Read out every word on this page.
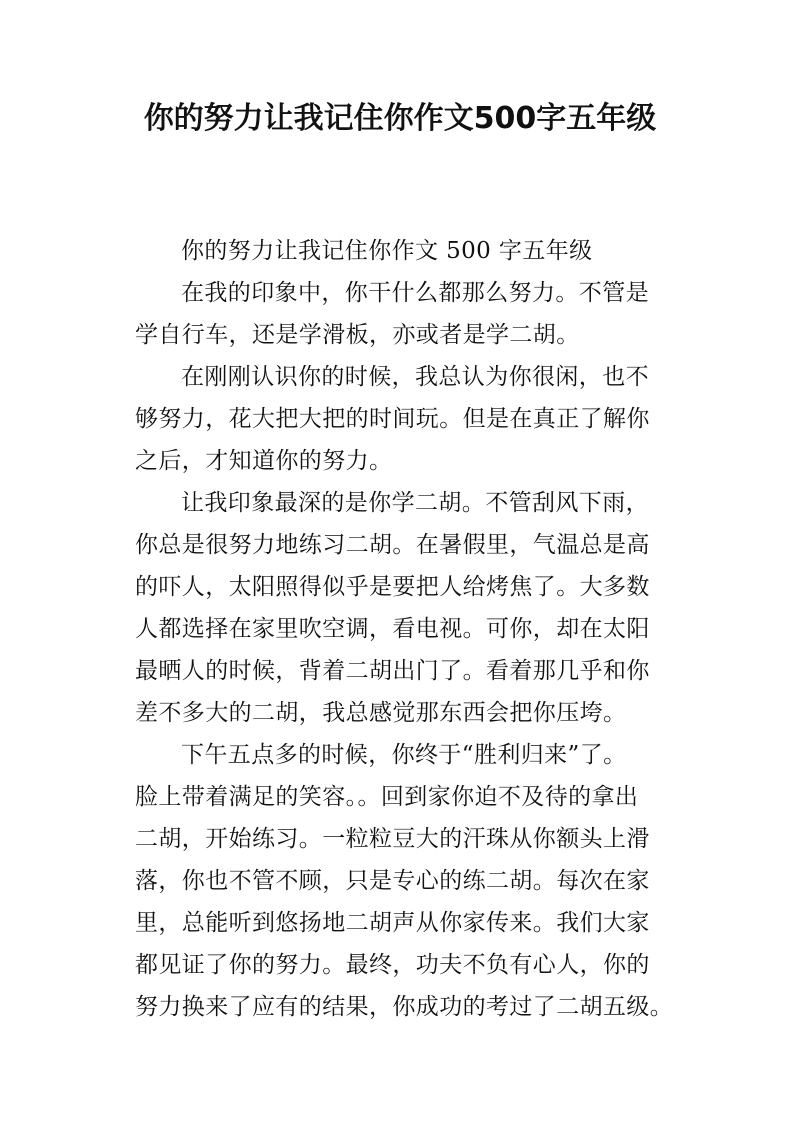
你的努力让我记住你作文500字五年级
你的努力让我记住你作文 500 字五年级
在我的印象中，你干什么都那么努力。不管是
学自行车，还是学滑板，亦或者是学二胡。
在刚刚认识你的时候，我总认为你很闲，也不
够努力，花大把大把的时间玩。但是在真正了解你
之后，才知道你的努力。
让我印象最深的是你学二胡。不管刮风下雨，
你总是很努力地练习二胡。在暑假里，气温总是高
的吓人，太阳照得似乎是要把人给烤焦了。大多数
人都选择在家里吹空调，看电视。可你，却在太阳
最晒人的时候，背着二胡出门了。看着那几乎和你
差不多大的二胡，我总感觉那东西会把你压垮。
下午五点多的时候，你终于“胜利归来”了。
脸上带着满足的笑容。。回到家你迫不及待的拿出
二胡，开始练习。一粒粒豆大的汗珠从你额头上滑
落，你也不管不顾，只是专心的练二胡。每次在家
里，总能听到悠扬地二胡声从你家传来。我们大家
都见证了你的努力。最终，功夫不负有心人，你的
努力换来了应有的结果，你成功的考过了二胡五级。
